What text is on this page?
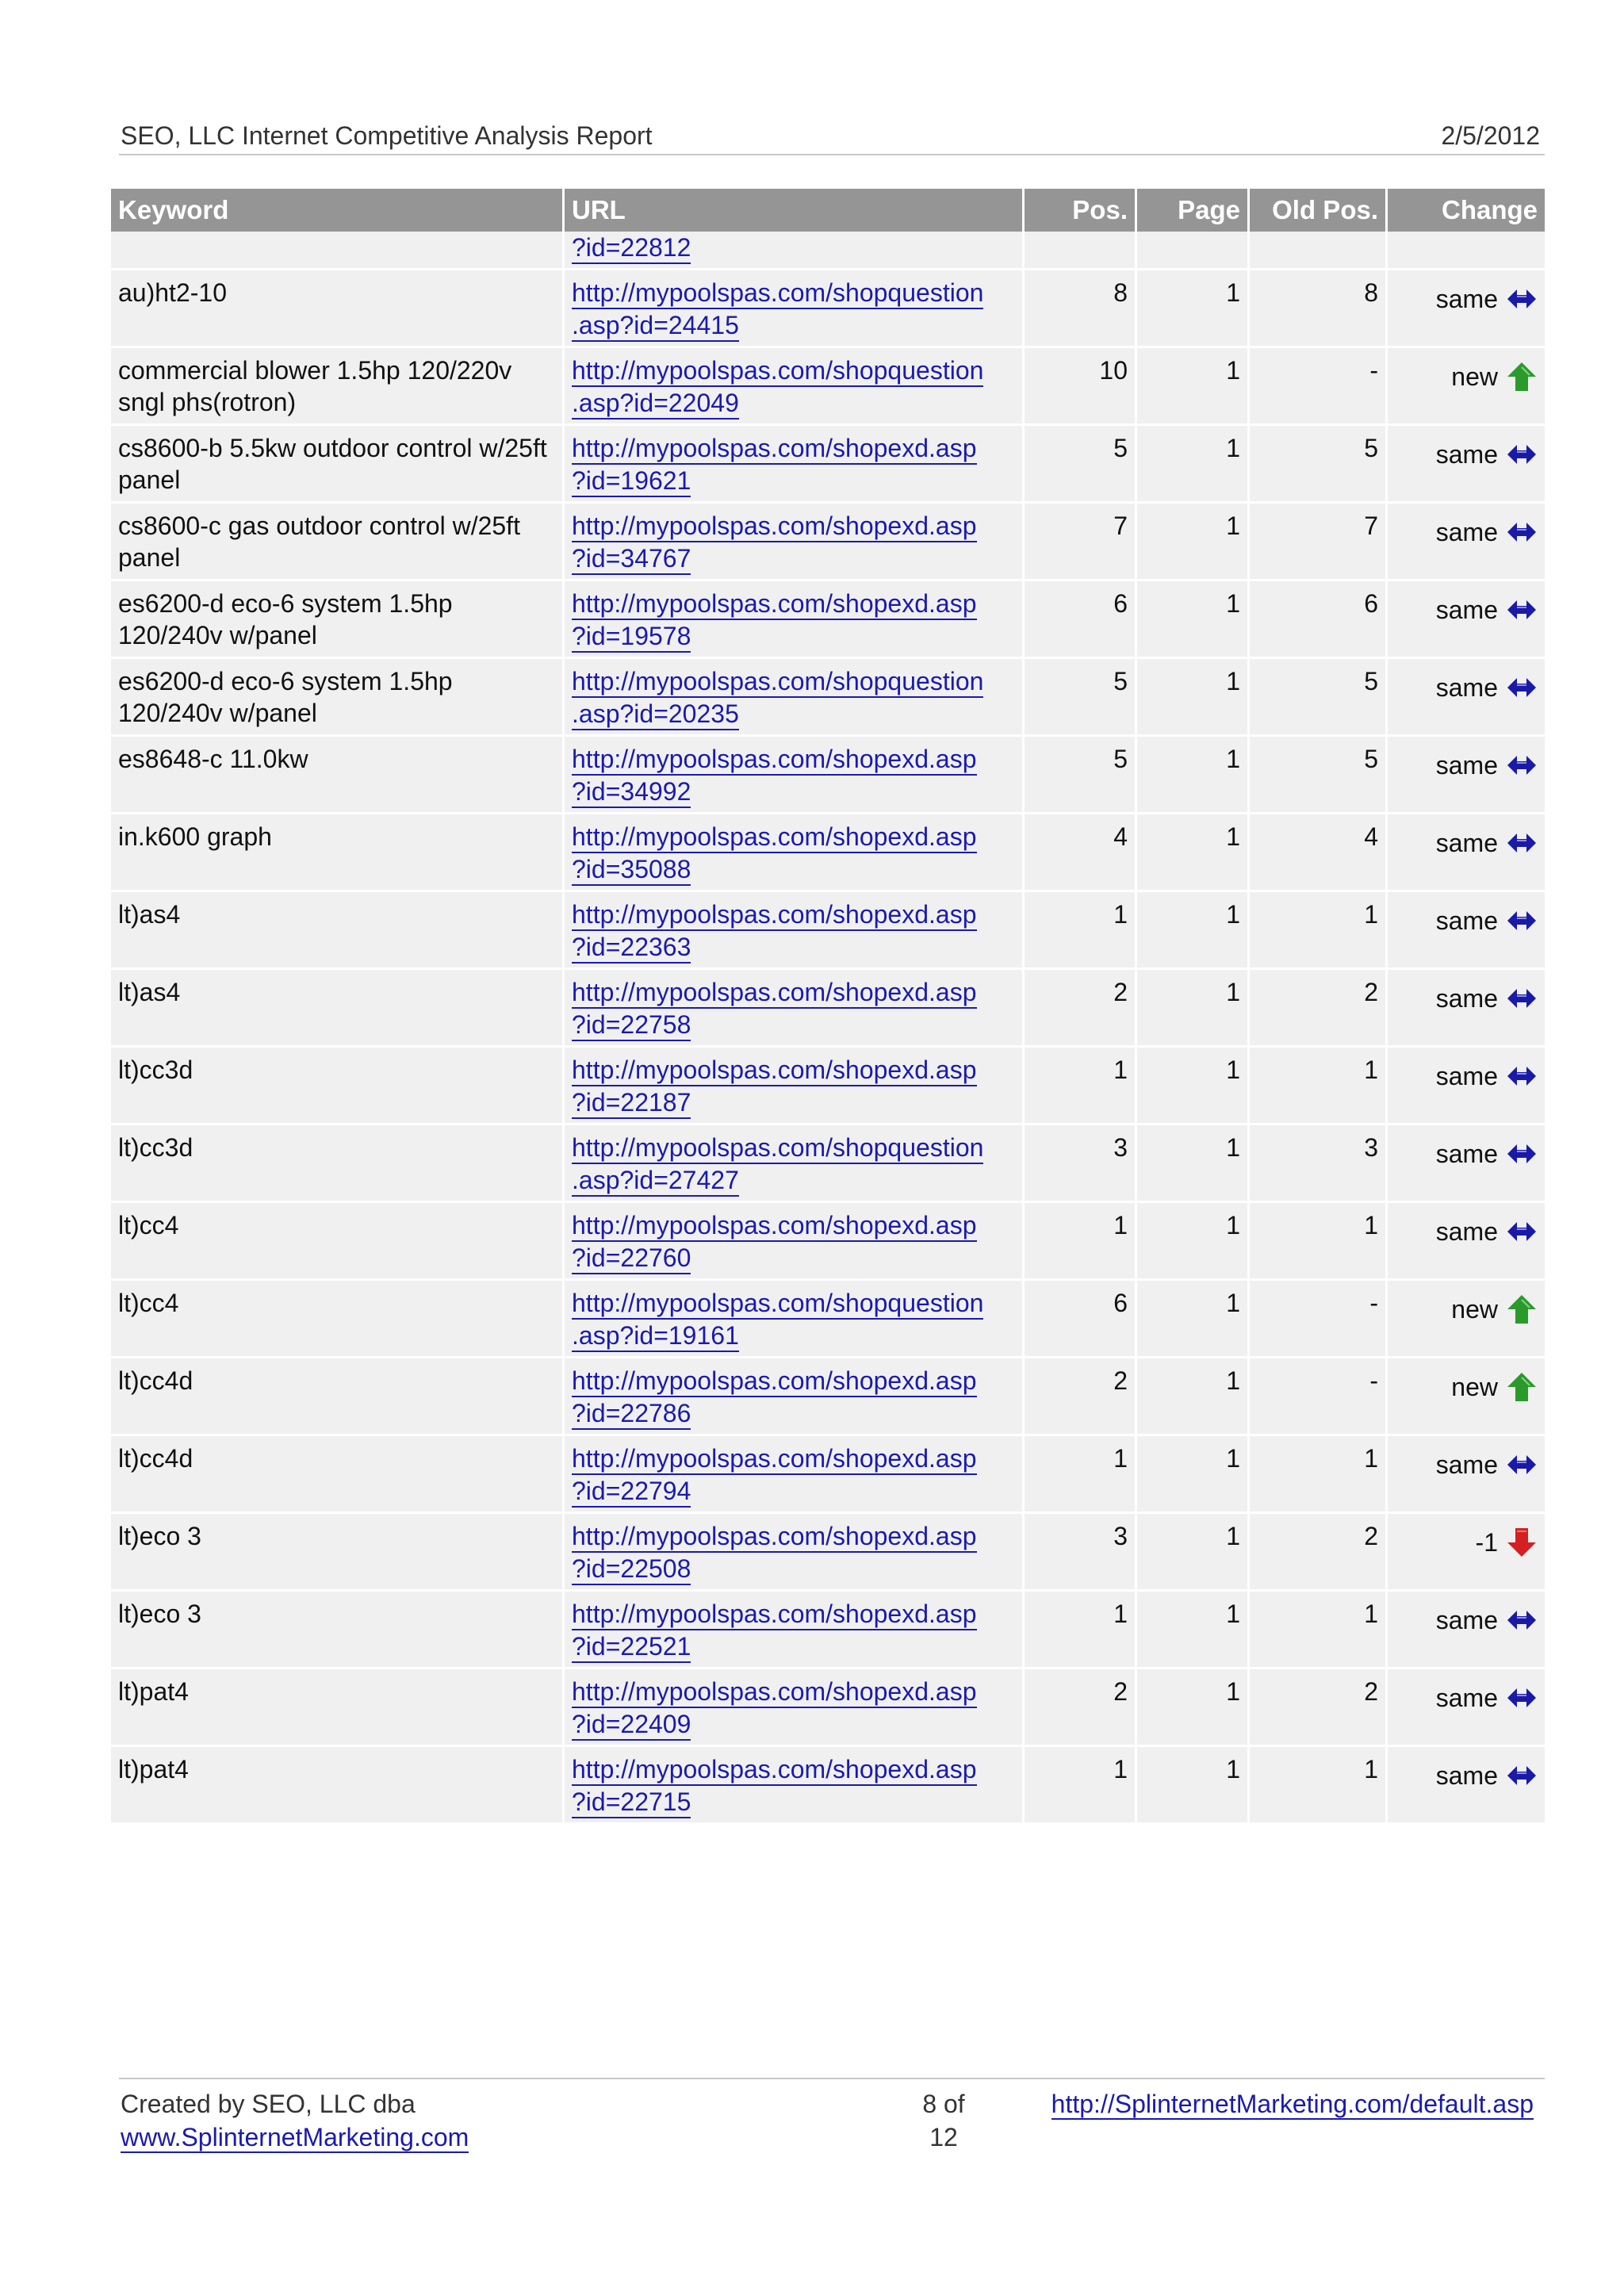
SEO, LLC Internet Competitive Analysis Report	2/5/2012
Keyword	URL	Pos.	Page	Old Pos.	Change
	?id=22812				
au)ht2-10	http://mypoolspas.com/shopquestion
.asp?id=24415	8	1	8	same

commercial blower 1.5hp 120/220v sngl phs(rotron)	http://mypoolspas.com/shopquestion
.asp?id=22049	10	1	-	new

cs8600-b 5.5kw outdoor control w/25ft panel	http://mypoolspas.com/shopexd.asp
?id=19621	5	1	5	same

cs8600-c gas outdoor control w/25ft panel	http://mypoolspas.com/shopexd.asp
?id=34767	7	1	7	same

es6200-d eco-6 system 1.5hp 120/240v w/panel	http://mypoolspas.com/shopexd.asp
?id=19578	6	1	6	same

es6200-d eco-6 system 1.5hp 120/240v w/panel	http://mypoolspas.com/shopquestion
.asp?id=20235	5	1	5	same

es8648-c 11.0kw	http://mypoolspas.com/shopexd.asp
?id=34992	5	1	5	same

in.k600 graph	http://mypoolspas.com/shopexd.asp
?id=35088	4	1	4	same

lt)as4	http://mypoolspas.com/shopexd.asp
?id=22363	1	1	1	same

lt)as4	http://mypoolspas.com/shopexd.asp
?id=22758	2	1	2	same

lt)cc3d	http://mypoolspas.com/shopexd.asp
?id=22187	1	1	1	same

lt)cc3d	http://mypoolspas.com/shopquestion
.asp?id=27427	3	1	3	same

lt)cc4	http://mypoolspas.com/shopexd.asp
?id=22760	1	1	1	same

lt)cc4	http://mypoolspas.com/shopquestion
.asp?id=19161	6	1	-	new

lt)cc4d	http://mypoolspas.com/shopexd.asp
?id=22786	2	1	-	new

lt)cc4d	http://mypoolspas.com/shopexd.asp
?id=22794	1	1	1	same

lt)eco 3	http://mypoolspas.com/shopexd.asp
?id=22508	3	1	2	-1

lt)eco 3	http://mypoolspas.com/shopexd.asp
?id=22521	1	1	1	same

lt)pat4	http://mypoolspas.com/shopexd.asp
?id=22409	2	1	2	same

lt)pat4	http://mypoolspas.com/shopexd.asp
?id=22715	1	1	1	same
Created by SEO, LLC dba
www.SplinternetMarketing.com
8 of
12
http://SplinternetMarketing.com/default.asp
